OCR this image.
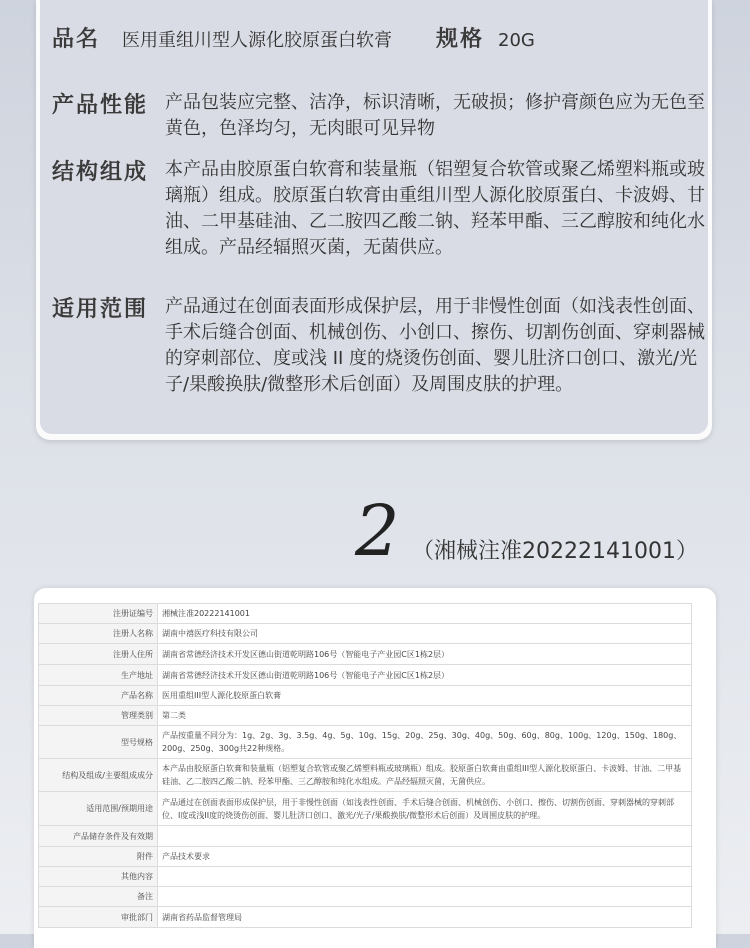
品名 医用重组川型人源化胶原蛋白软膏 规格 20G
产品性能 产品包装应完整、洁净，标识清晰，无破损；修护膏颜色应为无色至黄色，色泽均匀，无肉眼可见异物
结构组成 本产品由胶原蛋白软膏和装量瓶（铝塑复合软管或聚乙烯塑料瓶或玻璃瓶）组成。胶原蛋白软膏由重组川型人源化胶原蛋白、卡波姆、甘油、二甲基硅油、乙二胺四乙酸二钠、羟苯甲酯、三乙醇胺和纯化水组成。产品经辐照灭菌，无菌供应。
适用范围 产品通过在创面表面形成保护层，用于非慢性创面（如浅表性创面、手术后缝合创面、机械创伤、小创口、擦伤、切割伤创面、穿刺器械的穿刺部位、度或浅 II 度的烧烫伤创面、婴儿肚济口创口、激光/光子/果酸换肤/微整形术后创面）及周围皮肤的护理。
2 （湘械注准20222141001）
注册证编号	湘械注准20222141001
注册人名称	湖南中禧医疗科技有限公司
注册人住所	湖南省常德经济技术开发区德山街道乾明路106号（智能电子产业园C区1栋2层）
生产地址	湖南省常德经济技术开发区德山街道乾明路106号（智能电子产业园C区1栋2层）
产品名称	医用重组III型人源化胶原蛋白软膏
管理类别	第二类
型号规格	产品按重量不同分为：1g、2g、3g、3.5g、4g、5g、10g、15g、20g、25g、30g、40g、50g、60g、80g、100g、120g、150g、180g、200g、250g、300g共22种规格。
结构及组成/主要组成成分	本产品由胶原蛋白软膏和装量瓶（铝塑复合软管或聚乙烯塑料瓶或玻璃瓶）组成。胶原蛋白软膏由重组III型人源化胶原蛋白、卡波姆、甘油、二甲基硅油、乙二胺四乙酸二钠、羟苯甲酯、三乙醇胺和纯化水组成。产品经辐照灭菌，无菌供应。
适用范围/预期用途	产品通过在创面表面形成保护层，用于非慢性创面（如浅表性创面、手术后缝合创面、机械创伤、小创口、擦伤、切割伤创面、穿刺器械的穿刺部位、I度或浅II度的烧烫伤创面、婴儿肚济口创口、激光/光子/果酸换肤/微整形术后创面）及周围皮肤的护理。
产品储存条件及有效期	
附件	产品技术要求
其他内容	
备注	
审批部门	湖南省药品监督管理局
